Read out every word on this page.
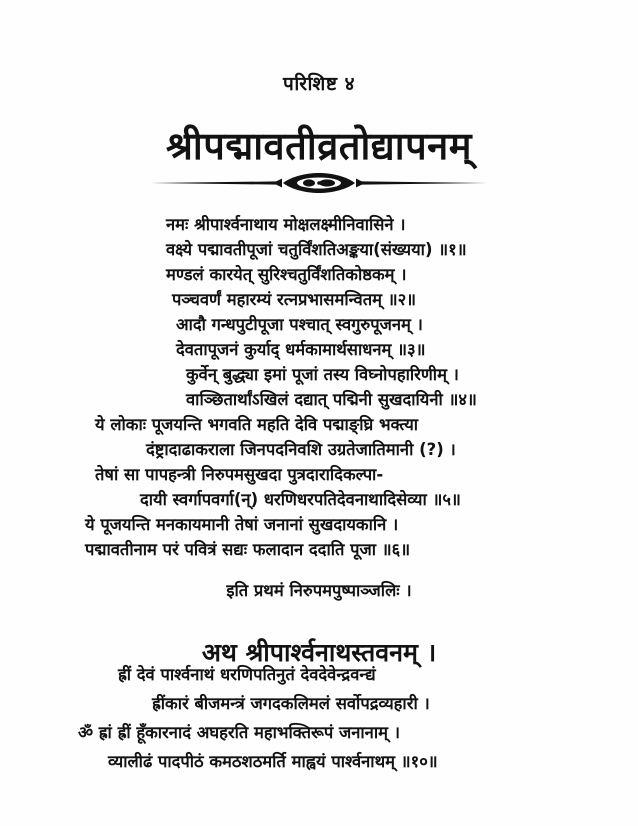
परिशिष्ट ४
श्रीपद्मावतीव्रतोद्यापनम्
नमः श्रीपार्श्वनाथाय मोक्षलक्ष्मीनिवासिने ।
वक्ष्ये पद्मावतीपूजां चतुर्विंशतिअङ्कया(संख्यया) ॥१॥
मण्डलं कारयेत् सुरिश्चतुर्विंशतिकोष्ठकम् ।
पञ्चवर्णं महारम्यं रत्नप्रभासमन्वितम् ॥२॥
आदौ गन्धपुटीपूजा पश्चात् स्वगुरुपूजनम् ।
देवतापूजनं कुर्याद् धर्मकामार्थसाधनम् ॥३॥
कुर्वेन् बुद्ध्या इमां पूजां तस्य विघ्नोपहारिणीम् ।
वाञ्छितार्थांऽखिलं दद्यात् पद्मिनी सुखदायिनी ॥४॥
ये लोकाः पूजयन्ति भगवति महति देवि पद्माङ्घ्रि भक्त्या
दंष्ट्रादाढाकराला जिनपदनिवशि उग्रतेजातिमानी (?) ।
तेषां सा पापहन्त्री निरुपमसुखदा पुत्रदारादिकल्पा-
दायी स्वर्गापवर्गा(न्) धरणिधरपतिदेवनाथादिसेव्या ॥५॥
ये पूजयन्ति मनकायमानी तेषां जनानां सुखदायकानि ।
पद्मावतीनाम परं पवित्रं सद्यः फलादान ददाति पूजा ॥६॥
इति प्रथमं निरुपमपुष्पाञ्जलिः ।
अथ श्रीपार्श्वनाथस्तवनम् ।
ह्रीं देवं पार्श्वनाथं धरणिपतिनुतं देवदेवेन्द्रवन्द्यं
ह्रींकारं बीजमन्त्रं जगदकलिमलं सर्वोपद्रव्यहारी ।
ॐ ह्रां ह्रीं हूँकारनादं अघहरति महाभक्तिरूपं जनानाम् ।
व्यालीढं पादपीठं कमठशठमर्ति माह्वयं पार्श्वनाथम् ॥१०॥
